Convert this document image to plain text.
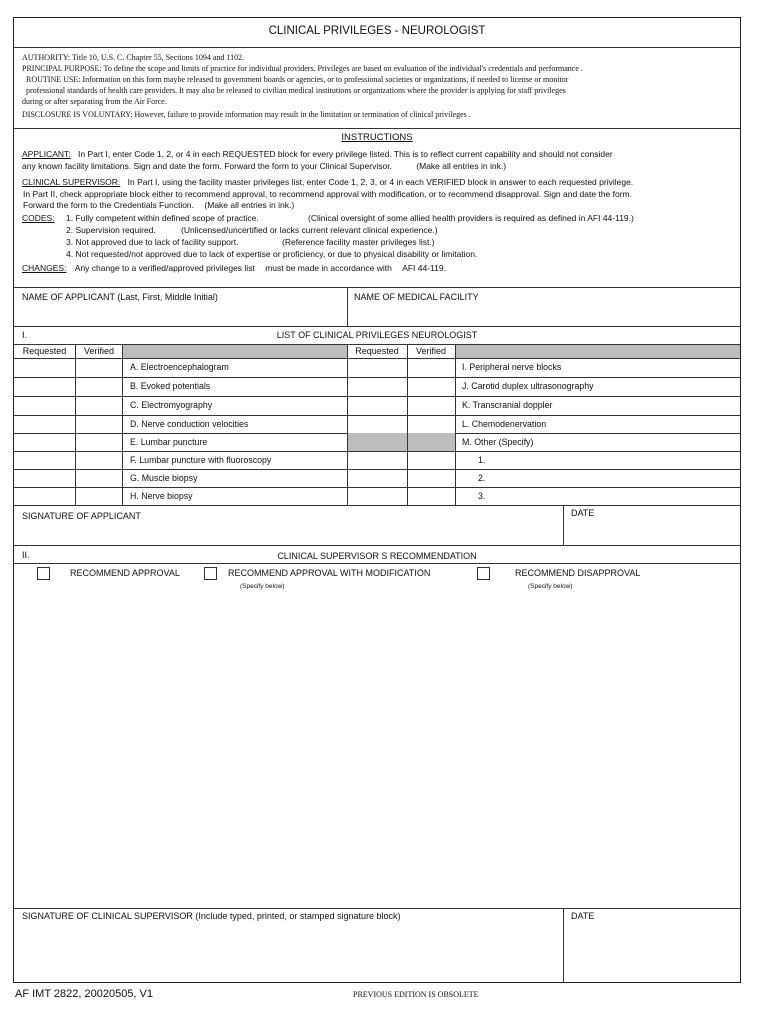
CLINICAL PRIVILEGES - NEUROLOGIST
AUTHORITY: Title 10, U.S. C. Chapter 55, Sections 1094 and 1102.
PRINCIPAL PURPOSE: To define the scope and limits of practice for individual providers. Privileges are based on evaluation of the individual's credentials and performance .
ROUTINE USE: Information on this form maybe released to government boards or agencies, or to professional societies or organizations, if needed to license or monitor
professional standards of health care providers. It may also be released to civilian medical institutions or organizations where the provider is applying for staff privileges
during or after separating from the Air Force.
DISCLOSURE IS VOLUNTARY: However, failure to provide information may result in the limitation or termination of clinical privileges .
INSTRUCTIONS
APPLICANT: In Part I, enter Code 1, 2, or 4 in each REQUESTED block for every privilege listed. This is to reflect current capability and should not consider
any known facility limitations. Sign and date the form. Forward the form to your Clinical Supervisor.	(Make all entries in ink.)
CLINICAL SUPERVISOR: In Part I, using the facility master privileges list, enter Code 1, 2, 3, or 4 in each VERIFIED block in answer to each requested privilege.
In Part II, check appropriate block either to recommend approval, to recommend approval with modification, or to recommend disapproval. Sign and date the form.
Forward the form to the Credentials Function. (Make all entries in ink.)
CODES: 1. Fully competent within defined scope of practice.	(Clinical oversight of some allied health providers is required as defined in AFI 44-119.)
2. Supervision required.	(Unlicensed/uncertified or lacks current relevant clinical experience.)
3. Not approved due to lack of facility support.	(Reference facility master privileges list.)
4. Not requested/not approved due to lack of expertise or proficiency, or due to physical disability or limitation.
CHANGES: Any change to a verified/approved privileges list must be made in accordance with AFI 44-119.
NAME OF APPLICANT (Last, First, Middle Initial)	NAME OF MEDICAL FACILITY
I.	LIST OF CLINICAL PRIVILEGES NEUROLOGIST
Requested	Verified	Requested	Verified
A. Electroencephalogram	I. Peripheral nerve blocks
B. Evoked potentials	J. Carotid duplex ultrasonography
C. Electromyography	K. Transcranial doppler
D. Nerve conduction velocities	L. Chemodenervation
E. Lumbar puncture	M. Other (Specify)
F. Lumbar puncture with fluoroscopy	1.
G. Muscle biopsy	2.
H. Nerve biopsy	3.
SIGNATURE OF APPLICANT	DATE
II.	CLINICAL SUPERVISOR S RECOMMENDATION
RECOMMEND APPROVAL	RECOMMEND APPROVAL WITH MODIFICATION
(Specify below)
RECOMMEND DISAPPROVAL
(Specify below)
SIGNATURE OF CLINICAL SUPERVISOR (Include typed, printed, or stamped signature block)	DATE
AF IMT 2822, 20020505, V1	PREVIOUS EDITION IS OBSOLETE
